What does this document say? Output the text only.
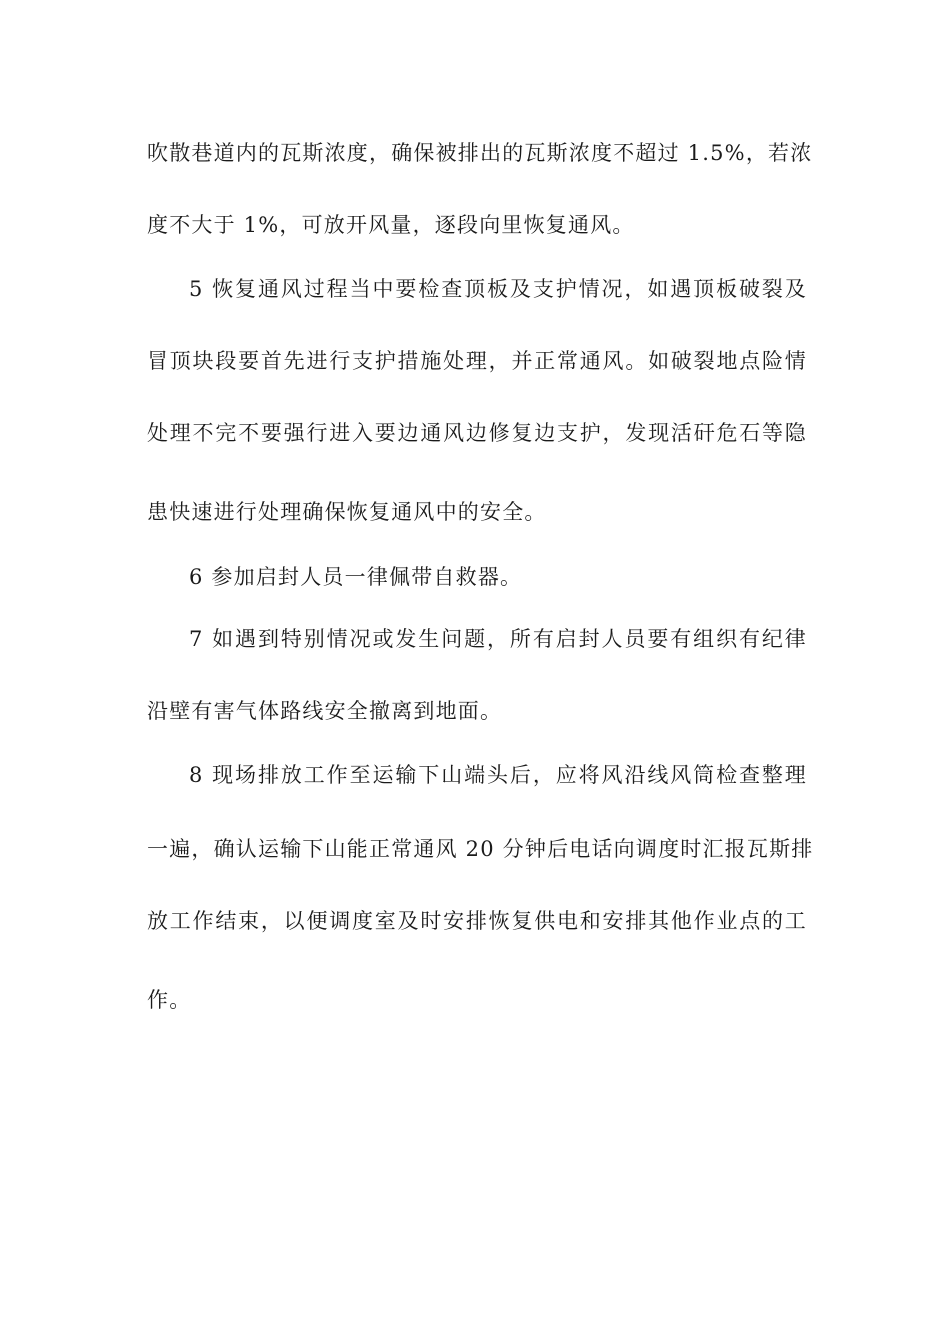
吹散巷道内的瓦斯浓度，确保被排出的瓦斯浓度不超过 1.5%，若浓
度不大于 1%，可放开风量，逐段向里恢复通风。
5 恢复通风过程当中要检查顶板及支护情况，如遇顶板破裂及
冒顶块段要首先进行支护措施处理，并正常通风。如破裂地点险情
处理不完不要强行进入要边通风边修复边支护，发现活矸危石等隐
患快速进行处理确保恢复通风中的安全。
6 参加启封人员一律佩带自救器。
7 如遇到特别情况或发生问题，所有启封人员要有组织有纪律
沿壁有害气体路线安全撤离到地面。
8 现场排放工作至运输下山端头后，应将风沿线风筒检查整理
一遍，确认运输下山能正常通风 20 分钟后电话向调度时汇报瓦斯排
放工作结束，以便调度室及时安排恢复供电和安排其他作业点的工
作。
